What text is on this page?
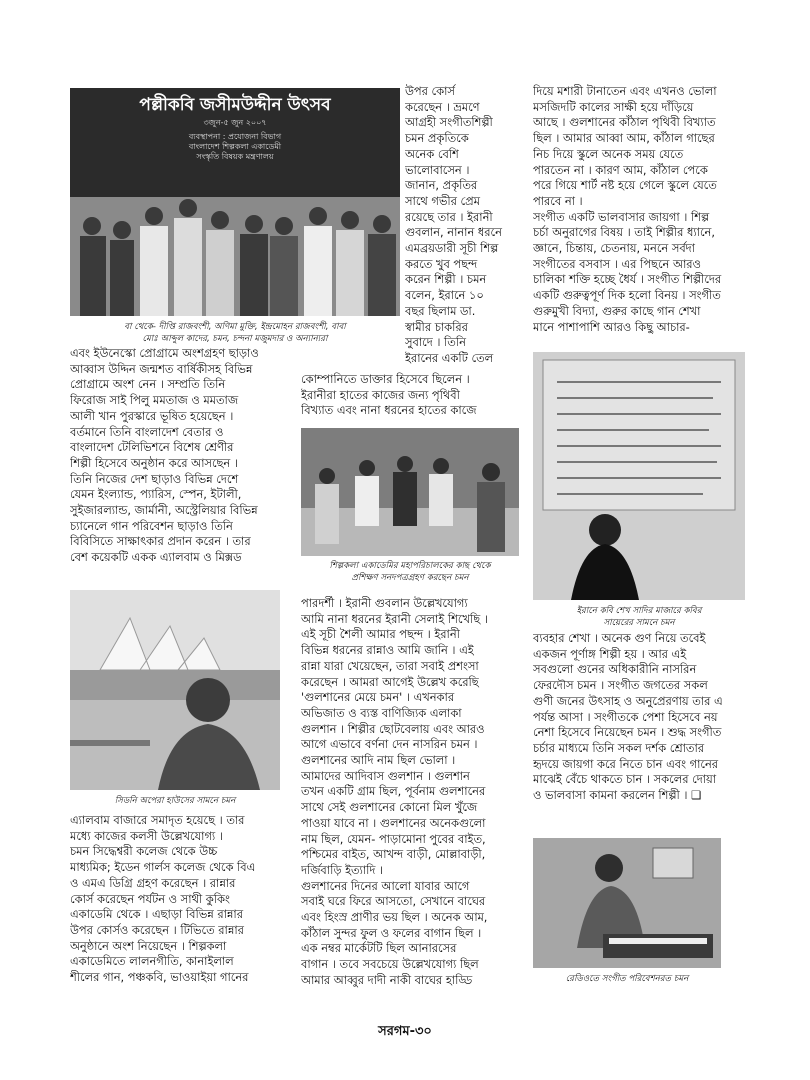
পল্লীকবি জসীমউদ্দীন উৎসব
৩জুন-৫ জুন ২০০৭
ব্যবস্থাপনা : প্রযোজনা বিভাগ
বাংলাদেশ শিল্পকলা একাডেমী
সংস্কৃতি বিষয়ক মন্ত্রণালয়
বা থেকে- দীপ্তি রাজবংশী, অণিমা মুক্তি, ইন্দ্রমোহন রাজবংশী, বাবা
মোঃ আব্দুল কাদের, চমন, চন্দনা মজুমদার ও অন্যান্যরা
উপর কোর্স
করেছেন । ভ্রমণে
আগ্রহী সংগীতশিল্পী
চমন প্রকৃতিকে
অনেক বেশি
ভালোবাসেন ।
জানান, প্রকৃতির
সাথে গভীর প্রেম
রয়েছে তার । ইরানী
গুবলান, নানান ধরনে
এমব্রয়ডারী সূচী শিল্প
করতে খুব পছন্দ
করেন শিল্পী । চমন
বলেন, ইরানে ১০
বছর ছিলাম ডা.
স্বামীর চাকরির
সুবাদে । তিনি
ইরানের একটি তেল
কোম্পানিতে ডাক্তার হিসেবে ছিলেন ।
ইরানীরা হাতের কাজের জন্য পৃথিবী
বিখ্যাত এবং নানা ধরনের হাতের কাজে
শিল্পকলা একাডেমির মহাপরিচালকের কাছ থেকে
প্রশিক্ষণ সনদপত্রগ্রহণ করছেন চমন
পারদর্শী । ইরানী গুবলান উল্লেখযোগ্য
আমি নানা ধরনের ইরানী সেলাই শিখেছি ।
এই সূচী শৈলী আমার পছন্দ । ইরানী
বিভিন্ন ধরনের রান্নাও আমি জানি । এই
রান্না যারা খেয়েছেন, তারা সবাই প্রশংসা
করেছেন । আমরা আগেই উল্লেখ করেছি
'গুলশানের মেয়ে চমন' । এখনকার
অভিজাত ও ব্যস্ত বাণিজ্যিক এলাকা
গুলশান । শিল্পীর ছোটবেলায় এবং আরও
আগে এভাবে বর্ণনা দেন নাসরিন চমন ।
গুলশানের আদি নাম ছিল ভোলা ।
আমাদের আদিবাস গুলশান । গুলশান
তখন একটি গ্রাম ছিল, পূর্বনাম গুলশানের
সাথে সেই গুলশানের কোনো মিল খুঁজে
পাওয়া যাবে না । গুলশানের অনেকগুলো
নাম ছিল, যেমন- পাড়ামোনা পুবের বাইত,
পশ্চিমের বাইত, আখন্দ বাড়ী, মোল্লাবাড়ী,
দর্জিবাড়ি ইত্যাদি ।
গুলশানের দিনের আলো যাবার আগে
সবাই ঘরে ফিরে আসতো, সেখানে বাঘের
এবং হিংস্র প্রাণীর ভয় ছিল । অনেক আম,
কাঁঠাল সুন্দর ফুল ও ফলের বাগান ছিল ।
এক নম্বর মার্কেটটি ছিল আনারসের
বাগান । তবে সবচেয়ে উল্লেখযোগ্য ছিল
আমার আব্বুর দাদী নাকী বাঘের হাড্ডি
এবং ইউনেস্কো প্রোগ্রামে অংশগ্রহণ ছাড়াও
আব্বাস উদ্দিন জন্মশত বার্ষিকীসহ বিভিন্ন
প্রোগ্রামে অংশ নেন । সম্প্রতি তিনি
ফিরোজ সাই পিলু মমতাজ ও মমতাজ
আলী খান পুরস্কারে ভূষিত হয়েছেন ।
বর্তমানে তিনি বাংলাদেশ বেতার ও
বাংলাদেশ টেলিভিশনে বিশেষ শ্রেণীর
শিল্পী হিসেবে অনুষ্ঠান করে আসছেন ।
তিনি নিজের দেশ ছাড়াও বিভিন্ন দেশে
যেমন ইংল্যান্ড, প্যারিস, স্পেন, ইটালী,
সুইজারল্যান্ড, জার্মানী, অস্ট্রেলিয়ার বিভিন্ন
চ্যানেলে গান পরিবেশন ছাড়াও তিনি
বিবিসিতে সাক্ষাৎকার প্রদান করেন । তার
বেশ কয়েকটি একক এ্যালবাম ও মিক্সড
সিডনি অপেরা হাউসের সামনে চমন
এ্যালবাম বাজারে সমাদৃত হয়েছে । তার
মধ্যে কাজের কলসী উল্লেখযোগ্য ।
চমন সিদ্ধেশ্বরী কলেজ থেকে উচ্চ
মাধ্যমিক; ইডেন গার্লস কলেজ থেকে বিএ
ও এমএ ডিগ্রি গ্রহণ করেছেন । রান্নার
কোর্স করেছেন পর্যটন ও সাথী কুকিং
একাডেমি থেকে । এছাড়া বিভিন্ন রান্নার
উপর কোর্সও করেছেন । টিভিতে রান্নার
অনুষ্ঠানে অংশ নিয়েছেন । শিল্পকলা
একাডেমিতে লালনগীতি, কানাইলাল
শীলের গান, পঞ্চকবি, ভাওয়াইয়া গানের
দিয়ে মশারী টানাতেন এবং এখনও ভোলা
মসজিদটি কালের সাক্ষী হয়ে দাঁড়িয়ে
আছে । গুলশানের কাঁঠাল পৃথিবী বিখ্যাত
ছিল । আমার আব্বা আম, কাঁঠাল গাছের
নিচ দিয়ে স্কুলে অনেক সময় যেতে
পারতেন না । কারণ আম, কাঁঠাল পেকে
পরে গিয়ে শার্ট নষ্ট হয়ে গেলে স্কুলে যেতে
পারবে না ।
সংগীত একটি ভালবাসার জায়গা । শিল্প
চর্চা অনুরাগের বিষয় । তাই শিল্পীর ধ্যানে,
জ্ঞানে, চিন্তায়, চেতনায়, মননে সর্বদা
সংগীতের বসবাস । এর পিছনে আরও
চালিকা শক্তি হচ্ছে ধৈর্য । সংগীত শিল্পীদের
একটি গুরুত্বপূর্ণ দিক হলো বিনয় । সংগীত
গুরুমুখী বিদ্যা, গুরুর কাছে গান শেখা
মানে পাশাপাশি আরও কিছু আচার-
ইরানে কবি শেখ সাদির মাজারে কবির
সায়েরের সামনে চমন
ব্যবহার শেখা । অনেক গুণ নিয়ে তবেই
একজন পূর্ণাঙ্গ শিল্পী হয় । আর এই
সবগুলো গুনের অধিকারীনি নাসরিন
ফেরদৌস চমন । সংগীত জগতের সকল
গুণী জনের উৎসাহ ও অনুপ্রেরণায় তার এ
পর্যন্ত আসা । সংগীতকে পেশা হিসেবে নয়
নেশা হিসেবে নিয়েছেন চমন । শুদ্ধ সংগীত
চর্চার মাধ্যমে তিনি সকল দর্শক শ্রোতার
হৃদয়ে জায়গা করে নিতে চান এবং গানের
মাঝেই বেঁচে থাকতে চান । সকলের দোয়া
ও ভালবাসা কামনা করলেন শিল্পী । ❑
রেডিওতে সংগীত পরিবেশনরত চমন
সরগম-৩০
